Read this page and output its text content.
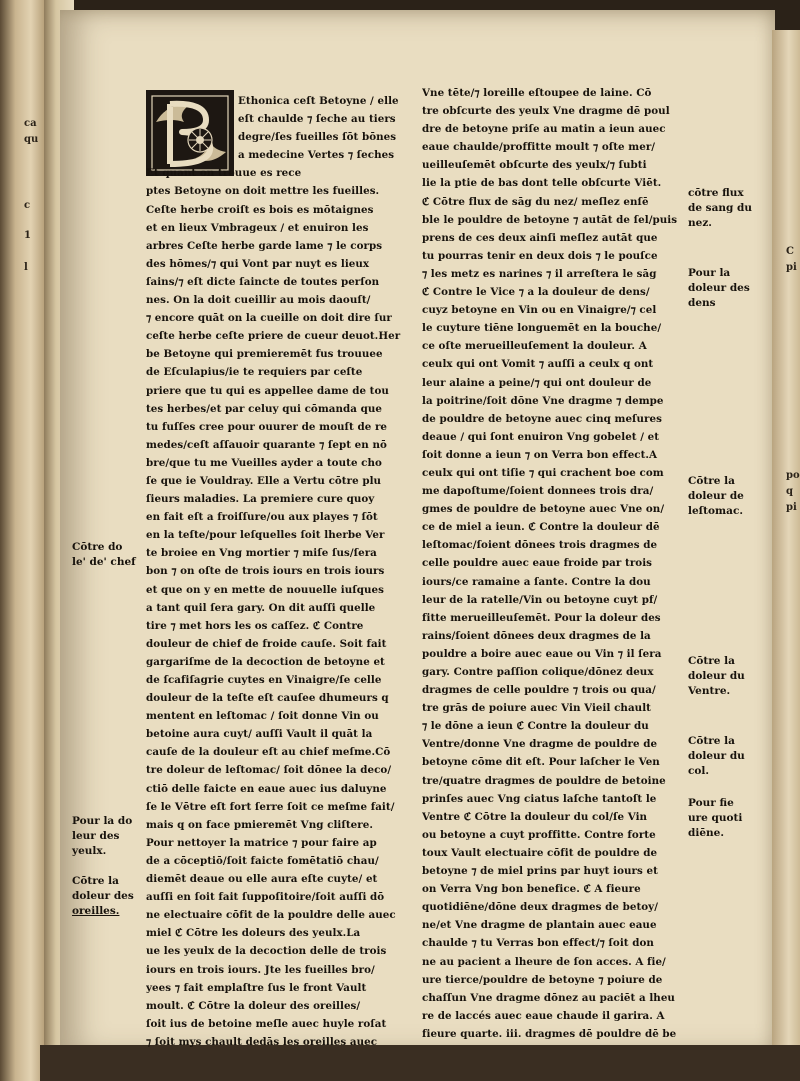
ca
qu
c
1
l
C
pi
po
q
pi
B
Ethonica ceſt Betoyne / elle
eſt chaulde ⁊ ſeche au tiers
degre/ſes fueilles ſōt bōnes
a medecine Vertes ⁊ ſeches
Et quant on treuue es rece
ptes Betoyne on doit mettre les fueilles.
Ceſte herbe croiſt es bois es mōtaignes
et en lieux Vmbrageux / et enuiron les
arbres Ceſte herbe garde lame ⁊ le corps
des hōmes/⁊ qui Vont par nuyt es lieux
ſains/⁊ eſt dicte ſaincte de toutes perſon
nes. On la doit cueillir au mois daouſt/
⁊ encore quāt on la cueille on doit dire ſur
ceſte herbe ceſte priere de cueur deuot.Her
be Betoyne qui premieremēt fus trouuee
de Eſculapius/ie te requiers par ceſte
priere que tu qui es appellee dame de tou
tes herbes/et par celuy qui cōmanda que
tu fuſſes cree pour ouurer de mouſt de re
medes/ceſt aſſauoir quarante ⁊ ſept en nō
bre/que tu me Vueilles ayder a toute cho
ſe que ie Vouldray. Elle a Vertu cōtre plu
ſieurs maladies. La premiere cure quoy
en fait eſt a froiſſure/ou aux playes ⁊ ſōt
en la teſte/pour leſquelles ſoit lherbe Ver
te broiee en Vng mortier ⁊ miſe ſus/ſera
bon ⁊ on oſte de trois iours en trois iours
et que on y en mette de nouuelle iuſques
a tant quil ſera gary. On dit auſſi quelle
tire ⁊ met hors les os caſſez. ℭ Contre
douleur de chief de froide cauſe. Soit fait
gargariſme de la decoction de betoyne et
de ſcafiſagrie cuytes en Vinaigre/ſe celle
douleur de la teſte eſt cauſee dhumeurs q
mentent en leſtomac / ſoit donne Vin ou
betoine aura cuyt/ auſſi Vault il quāt la
cauſe de la douleur eſt au chief meſme.Cō
tre doleur de leſtomac/ ſoit dōnee la deco/
ctiō delle faicte en eaue auec ius daluyne
ſe le Vētre eſt fort ſerre ſoit ce meſme fait/
mais q on face pmieremēt Vng cliſtere.
Pour nettoyer la matrice ⁊ pour faire ap
de a cōceptiō/ſoit faicte fomētatiō chau/
diemēt deaue ou elle aura eſte cuyte/ et
auſſi en ſoit fait ſuppoſitoire/ſoit auſſi dō
ne electuaire cōfit de la pouldre delle auec
miel ℭ Cōtre les doleurs des yeulx.La
ue les yeulx de la decoction delle de trois
iours en trois iours. Jte les fueilles bro/
yees ⁊ fait emplaſtre ſus le front Vault
moult. ℭ Cōtre la doleur des oreilles/
ſoit ius de betoine meſle auec huyle roſat
⁊ ſoit mys chault dedās les oreilles auec
Vne tēte/⁊ loreille eſtoupee de laine. Cō
tre obſcurte des yeulx Vne dragme dē poul
dre de betoyne priſe au matin a ieun auec
eaue chaulde/proffitte moult ⁊ oſte mer/
ueilleuſemēt obſcurte des yeulx/⁊ ſubti
lie la ptie de bas dont telle obſcurte Viēt.
ℭ Cōtre flux de sāg du nez/ meſlez enſē
ble le pouldre de betoyne ⁊ autāt de ſel/puis
prens de ces deux ainſi meſlez autāt que
tu pourras tenir en deux dois ⁊ le pouſce
⁊ les metz es narines ⁊ il arreſtera le sāg
ℭ Contre le Vice ⁊ a la douleur de dens/
cuyz betoyne en Vin ou en Vinaigre/⁊ cel
le cuyture tiēne longuemēt en la bouche/
ce oſte merueilleuſement la douleur. A
ceulx qui ont Vomit ⁊ auſſi a ceulx q ont
leur alaine a peine/⁊ qui ont douleur de
la poitrine/ſoit dōne Vne dragme ⁊ dempe
de pouldre de betoyne auec cinq meſures
deaue / qui ſont enuiron Vng gobelet / et
ſoit donne a ieun ⁊ on Verra bon effect.A
ceulx qui ont tiſie ⁊ qui crachent boe com
me dapoſtume/ſoient donnees trois dra/
gmes de pouldre de betoyne auec Vne on/
ce de miel a ieun. ℭ Contre la douleur dē
leſtomac/ſoient dōnees trois dragmes de
celle pouldre auec eaue froide par trois
iours/ce ramaine a ſante. Contre la dou
leur de la ratelle/Vin ou betoyne cuyt pf/
fitte merueilleuſemēt. Pour la doleur des
rains/ſoient dōnees deux dragmes de la
pouldre a boire auec eaue ou Vin ⁊ il ſera
gary. Contre paſſion colique/dōnez deux
dragmes de celle pouldre ⁊ trois ou qua/
tre grās de poiure auec Vin Vieil chault
⁊ le dōne a ieun ℭ Contre la douleur du
Ventre/donne Vne dragme de pouldre de
betoyne cōme dit eſt. Pour laſcher le Ven
tre/quatre dragmes de pouldre de betoine
prinſes auec Vng ciatus laſche tantoſt le
Ventre ℭ Cōtre la douleur du col/ſe Vin
ou betoyne a cuyt proffitte. Contre forte
toux Vault electuaire cōfit de pouldre de
betoyne ⁊ de miel prins par huyt iours et
on Verra Vng bon benefice. ℭ A fieure
quotidiēne/dōne deux dragmes de betoy/
ne/et Vne dragme de plantain auec eaue
chaulde ⁊ tu Verras bon effect/⁊ ſoit don
ne au pacient a lheure de ſon acces. A fie/
ure tierce/pouldre de betoyne ⁊ poiure de
chaſſun Vne dragme dōnez au paciēt a lheu
re de laccés auec eaue chaude il garira. A
fieure quarte. iii. dragmes dē pouldre dē be
Cōtre do
le' de' chef
Pour la do
leur des
yeulx.
Cōtre la
doleur des
oreilles.
cōtre flux
de sang du
nez.
Pour la
doleur des
dens
Cōtre la
doleur de
leſtomac.
Cōtre la
doleur du
Ventre.
Cōtre la
doleur du
col.
Pour fie
ure quoti
diēne.
